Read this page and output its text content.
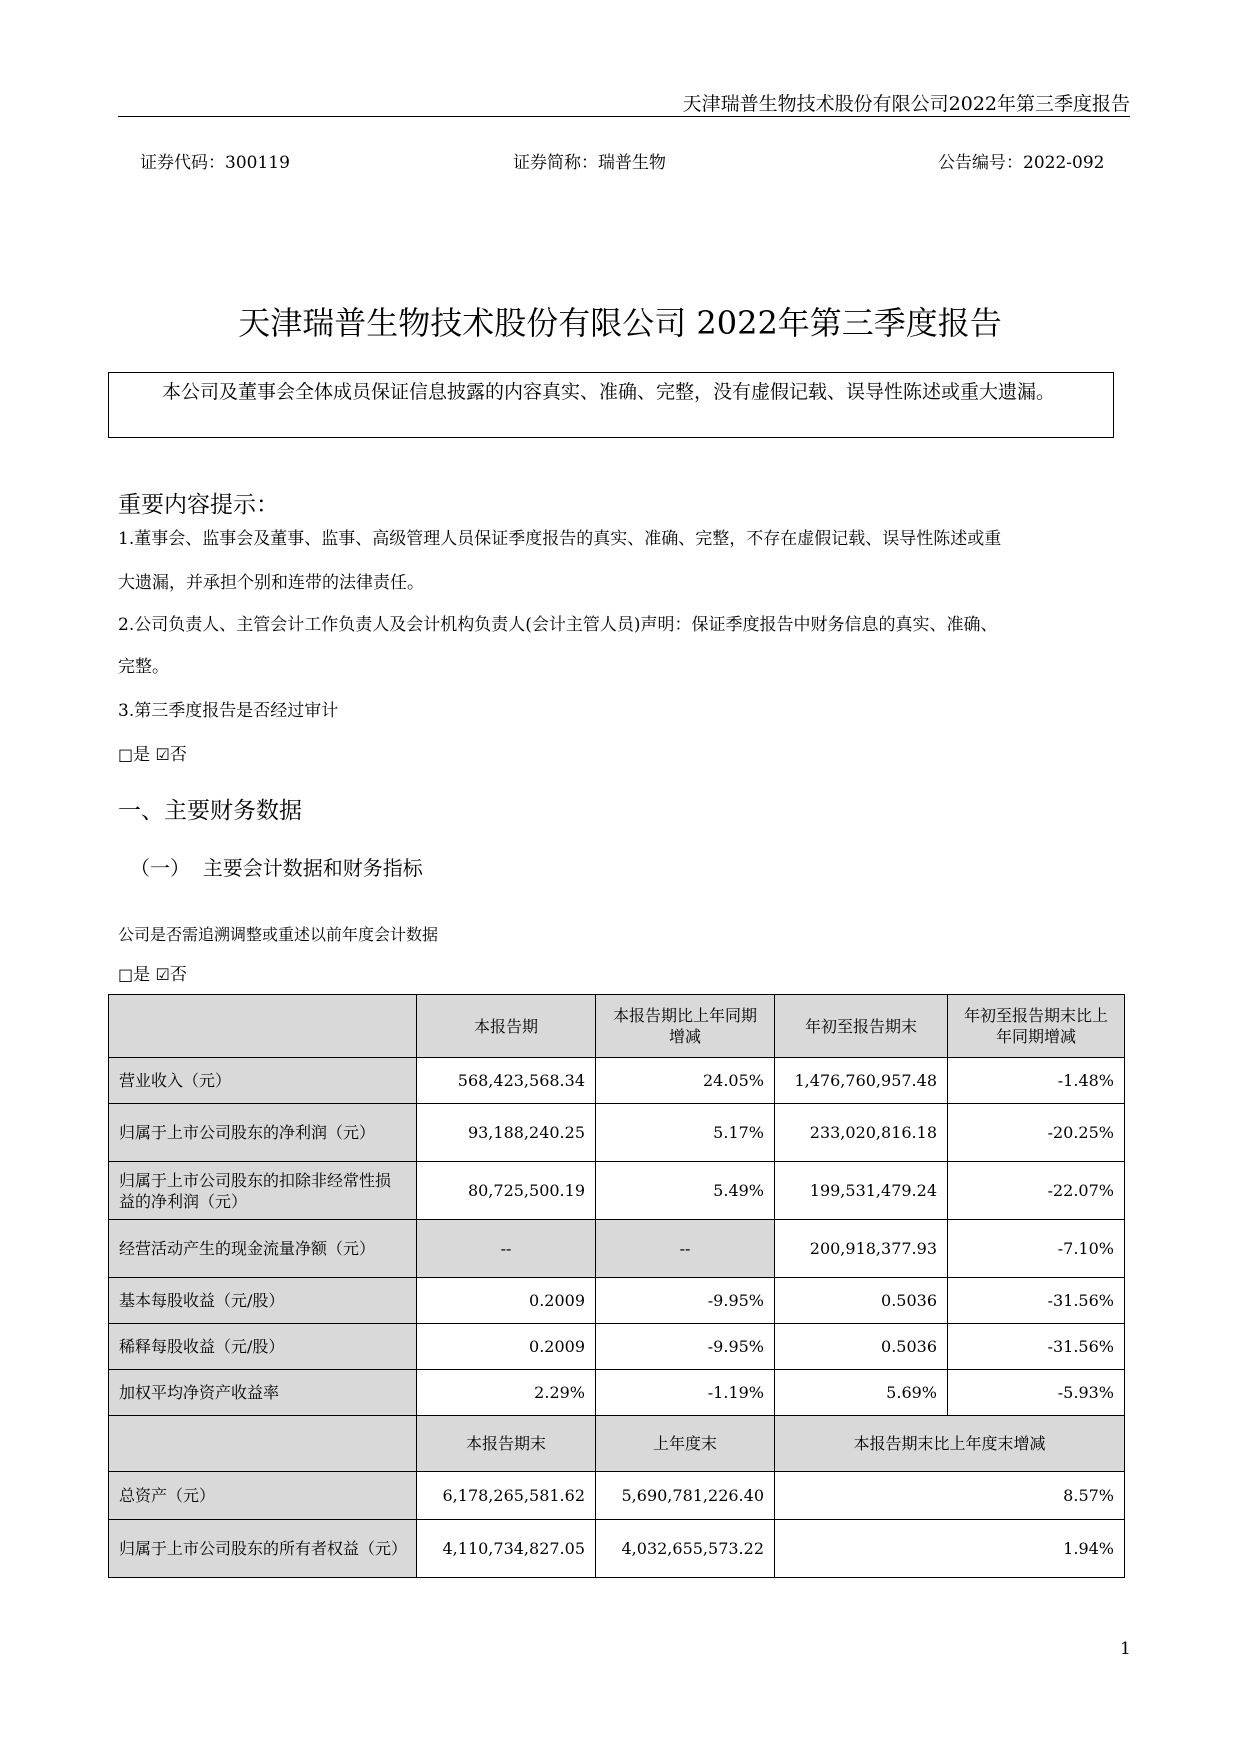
天津瑞普生物技术股份有限公司2022年第三季度报告
证券代码：300119	证券简称：瑞普生物	公告编号：2022-092
天津瑞普生物技术股份有限公司 2022年第三季度报告
本公司及董事会全体成员保证信息披露的内容真实、准确、完整，没有虚假记载、误导性陈述或重大遗漏。
重要内容提示：
1.董事会、监事会及董事、监事、高级管理人员保证季度报告的真实、准确、完整，不存在虚假记载、误导性陈述或重
大遗漏，并承担个别和连带的法律责任。
2.公司负责人、主管会计工作负责人及会计机构负责人(会计主管人员)声明：保证季度报告中财务信息的真实、准确、
完整。
3.第三季度报告是否经过审计
□是 ☑否
一、主要财务数据
（一）  主要会计数据和财务指标
公司是否需追溯调整或重述以前年度会计数据
□是 ☑否
	本报告期	本报告期比上年同期增减	年初至报告期末	年初至报告期末比上年同期增减
营业收入（元）	568,423,568.34	24.05%	1,476,760,957.48	-1.48%
归属于上市公司股东的净利润（元）	93,188,240.25	5.17%	233,020,816.18	-20.25%
归属于上市公司股东的扣除非经常性损益的净利润（元）	80,725,500.19	5.49%	199,531,479.24	-22.07%
经营活动产生的现金流量净额（元）	--	--	200,918,377.93	-7.10%
基本每股收益（元/股）	0.2009	-9.95%	0.5036	-31.56%
稀释每股收益（元/股）	0.2009	-9.95%	0.5036	-31.56%
加权平均净资产收益率	2.29%	-1.19%	5.69%	-5.93%
	本报告期末	上年度末	本报告期末比上年度末增减	
总资产（元）	6,178,265,581.62	5,690,781,226.40	8.57%	
归属于上市公司股东的所有者权益（元）	4,110,734,827.05	4,032,655,573.22	1.94%	
1
